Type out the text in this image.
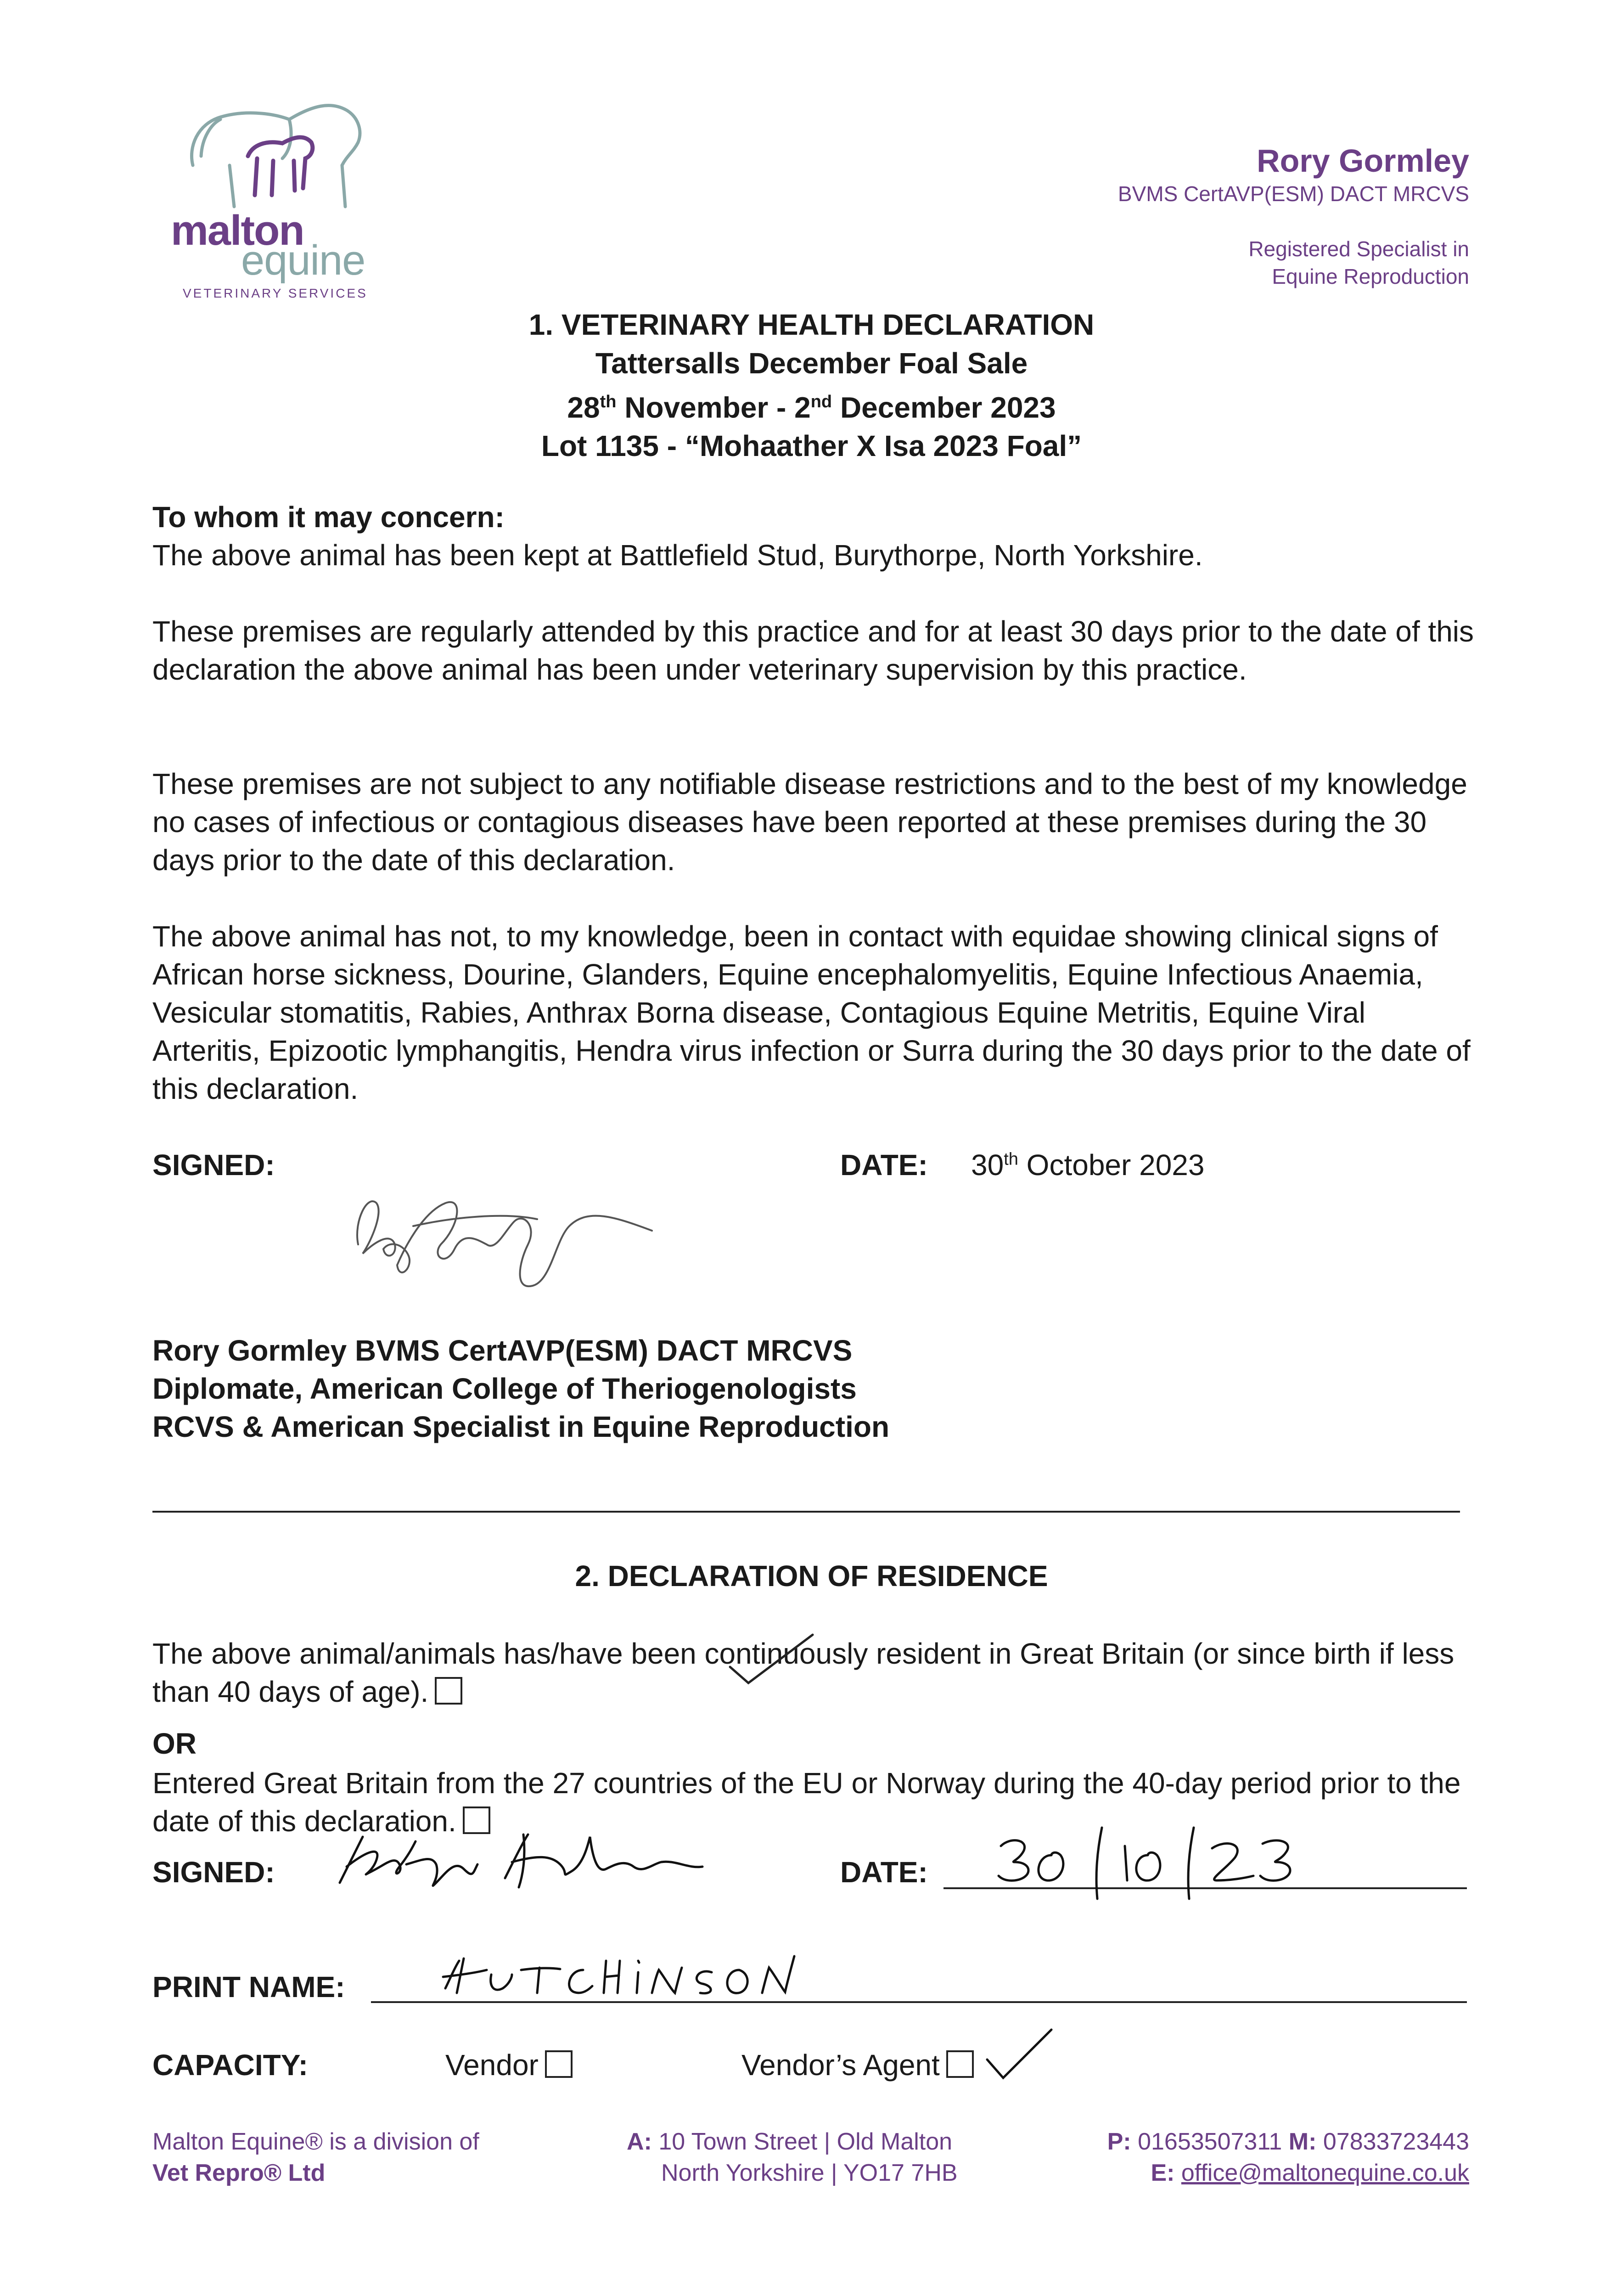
malton
equine
VETERINARY SERVICES
Rory Gormley
BVMS CertAVP(ESM) DACT MRCVS
Registered Specialist in
Equine Reproduction
1. VETERINARY HEALTH DECLARATION
Tattersalls December Foal Sale
28th November - 2nd December 2023
Lot 1135 - “Mohaather X Isa 2023 Foal”
To whom it may concern:
The above animal has been kept at Battlefield Stud, Burythorpe, North Yorkshire.
These premises are regularly attended by this practice and for at least 30 days prior to the date of this declaration the above animal has been under veterinary supervision by this practice.
These premises are not subject to any notifiable disease restrictions and to the best of my knowledge no cases of infectious or contagious diseases have been reported at these premises during the 30 days prior to the date of this declaration.
The above animal has not, to my knowledge, been in contact with equidae showing clinical signs of African horse sickness, Dourine, Glanders, Equine encephalomyelitis, Equine Infectious Anaemia, Vesicular stomatitis, Rabies, Anthrax Borna disease, Contagious Equine Metritis, Equine Viral Arteritis, Epizootic lymphangitis, Hendra virus infection or Surra during the 30 days prior to the date of this declaration.
SIGNED:	DATE: 30th October 2023
Rory Gormley BVMS CertAVP(ESM) DACT MRCVS
Diplomate, American College of Theriogenologists
RCVS & American Specialist in Equine Reproduction
2. DECLARATION OF RESIDENCE
The above animal/animals has/have been continuously resident in Great Britain (or since birth if less than 40 days of age).
OR
Entered Great Britain from the 27 countries of the EU or Norway during the 40-day period prior to the date of this declaration.
SIGNED:	DATE:
PRINT NAME:
CAPACITY:	Vendor	Vendor’s Agent
Malton Equine® is a division of
Vet Repro® Ltd
A: 10 Town Street | Old Malton
North Yorkshire | YO17 7HB
P: 01653507311 M: 07833723443
E: office@maltonequine.co.uk
